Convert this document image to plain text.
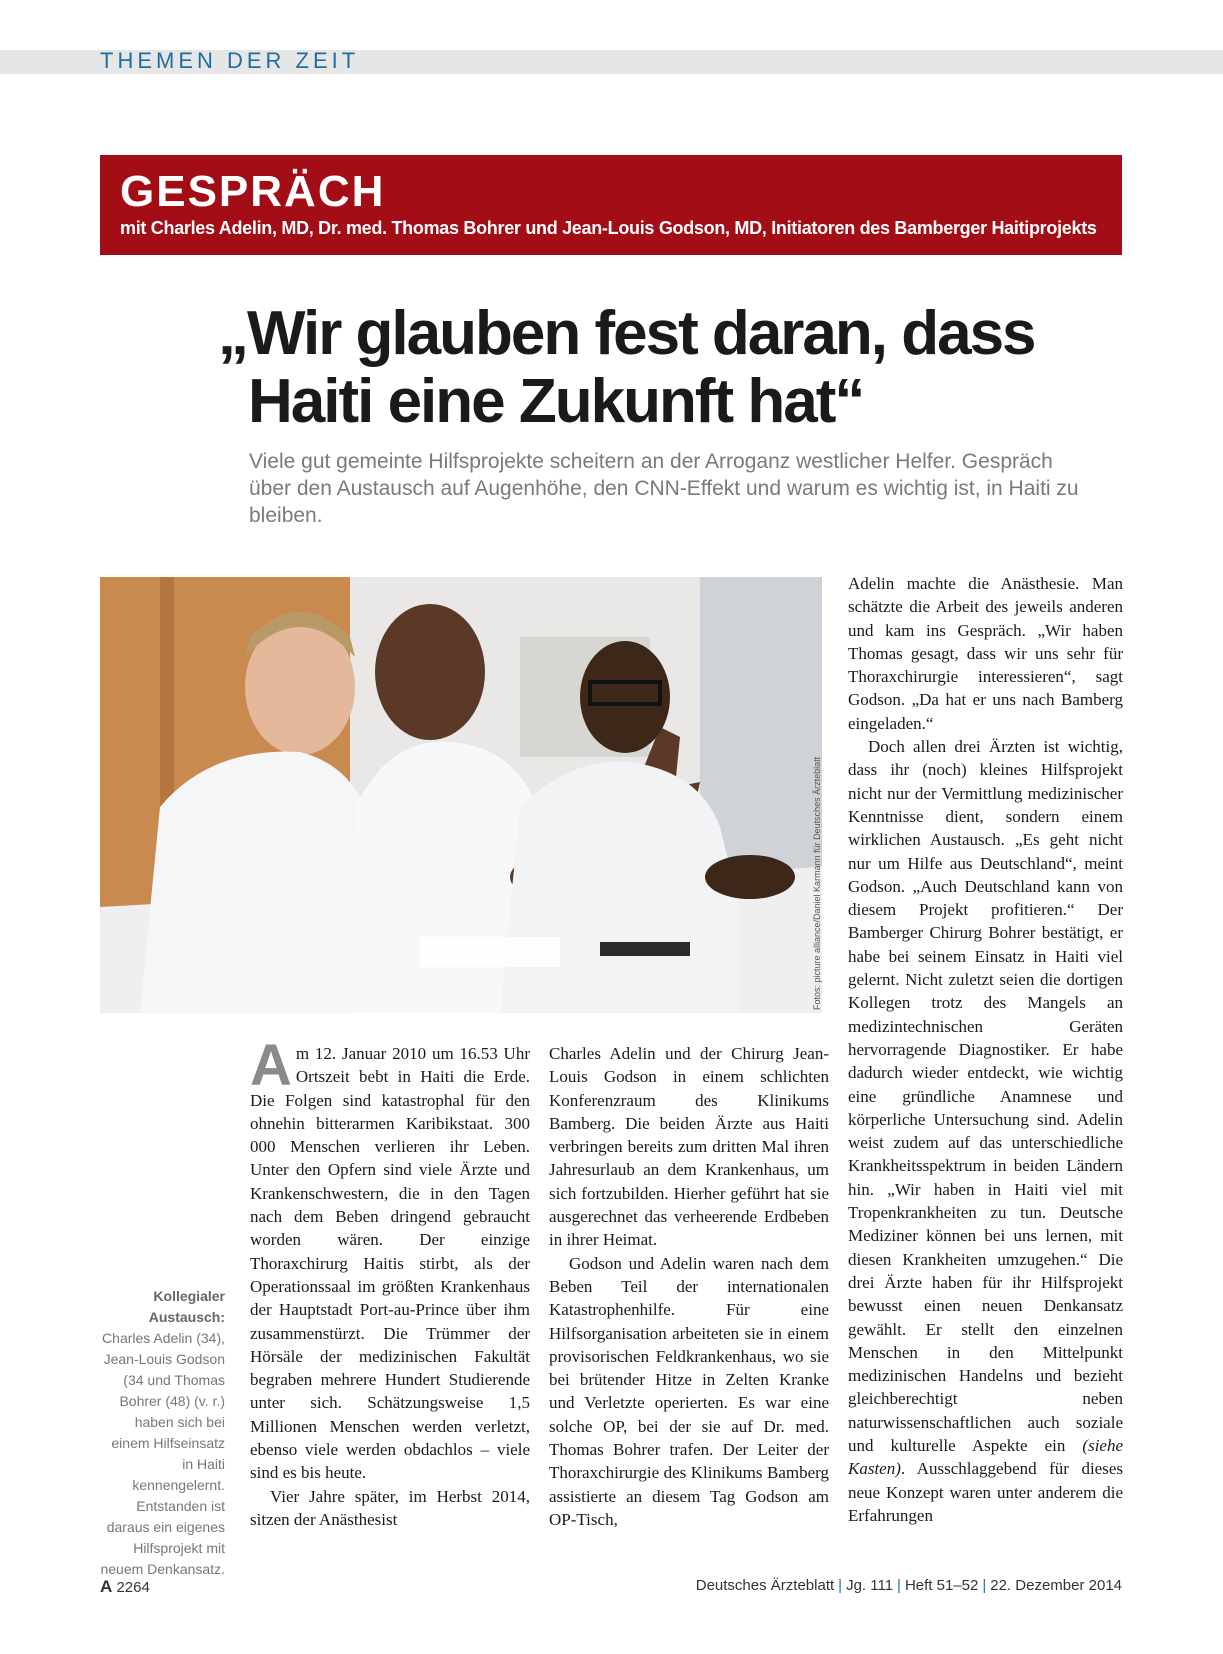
THEMEN DER ZEIT
GESPRÄCH
mit Charles Adelin, MD, Dr. med. Thomas Bohrer und Jean-Louis Godson, MD, Initiatoren des Bamberger Haitiprojekts
„Wir glauben fest daran, dass
Haiti eine Zukunft hat“
Viele gut gemeinte Hilfsprojekte scheitern an der Arroganz westlicher Helfer. Gespräch über den Austausch auf Augenhöhe, den CNN-Effekt und warum es wichtig ist, in Haiti zu bleiben.
Fotos: picture alliance/Daniel Karmann für Deutsches Ärzteblatt
Kollegialer Austausch: Charles Adelin (34), Jean-Louis Godson (34 und Thomas Bohrer (48) (v. r.) haben sich bei einem Hilfseinsatz in Haiti kennengelernt. Entstanden ist daraus ein eigenes Hilfsprojekt mit neuem Denkansatz.

Am 12. Januar 2010 um 16.53 Uhr Ortszeit bebt in Haiti die Erde. Die Folgen sind katastrophal für den ohnehin bitterarmen Karibikstaat. 300 000 Menschen verlieren ihr Leben. Unter den Opfern sind viele Ärzte und Krankenschwestern, die in den Tagen nach dem Beben dringend gebraucht worden wären. Der einzige Thoraxchirurg Haitis stirbt, als der Operationssaal im größten Krankenhaus der Hauptstadt Port-au-Prince über ihm zusammenstürzt. Die Trümmer der Hörsäle der medizinischen Fakultät begraben mehrere Hundert Studierende unter sich. Schätzungsweise 1,5 Millionen Menschen werden verletzt, ebenso viele werden obdachlos – viele sind es bis heute.

Vier Jahre später, im Herbst 2014, sitzen der Anästhesist

Charles Adelin und der Chirurg Jean-Louis Godson in einem schlichten Konferenzraum des Klinikums Bamberg. Die beiden Ärzte aus Haiti verbringen bereits zum dritten Mal ihren Jahresurlaub an dem Krankenhaus, um sich fortzubilden. Hierher geführt hat sie ausgerechnet das verheerende Erdbeben in ihrer Heimat.

Godson und Adelin waren nach dem Beben Teil der internationalen Katastrophenhilfe. Für eine Hilfsorganisation arbeiteten sie in einem provisorischen Feldkrankenhaus, wo sie bei brütender Hitze in Zelten Kranke und Verletzte operierten. Es war eine solche OP, bei der sie auf Dr. med. Thomas Bohrer trafen. Der Leiter der Thoraxchirurgie des Klinikums Bamberg assistierte an diesem Tag Godson am OP-Tisch,

Adelin machte die Anästhesie. Man schätzte die Arbeit des jeweils anderen und kam ins Gespräch. „Wir haben Thomas gesagt, dass wir uns sehr für Thoraxchirurgie interessieren“, sagt Godson. „Da hat er uns nach Bamberg eingeladen.“

Doch allen drei Ärzten ist wichtig, dass ihr (noch) kleines Hilfsprojekt nicht nur der Vermittlung medizinischer Kenntnisse dient, sondern einem wirklichen Austausch. „Es geht nicht nur um Hilfe aus Deutschland“, meint Godson. „Auch Deutschland kann von diesem Projekt profitieren.“ Der Bamberger Chirurg Bohrer bestätigt, er habe bei seinem Einsatz in Haiti viel gelernt. Nicht zuletzt seien die dortigen Kollegen trotz des Mangels an medizintechnischen Geräten hervorragende Diagnostiker. Er habe dadurch wieder entdeckt, wie wichtig eine gründliche Anamnese und körperliche Untersuchung sind. Adelin weist zudem auf das unterschiedliche Krankheitsspektrum in beiden Ländern hin. „Wir haben in Haiti viel mit Tropenkrankheiten zu tun. Deutsche Mediziner können bei uns lernen, mit diesen Krankheiten umzugehen.“ Die drei Ärzte haben für ihr Hilfsprojekt bewusst einen neuen Denkansatz gewählt. Er stellt den einzelnen Menschen in den Mittelpunkt medizinischen Handelns und bezieht gleichberechtigt neben naturwissenschaftlichen auch soziale und kulturelle Aspekte ein (siehe Kasten). Ausschlaggebend für dieses neue Konzept waren unter anderem die Erfahrungen

A 2264	Deutsches Ärzteblatt | Jg. 111 | Heft 51–52 | 22. Dezember 2014
